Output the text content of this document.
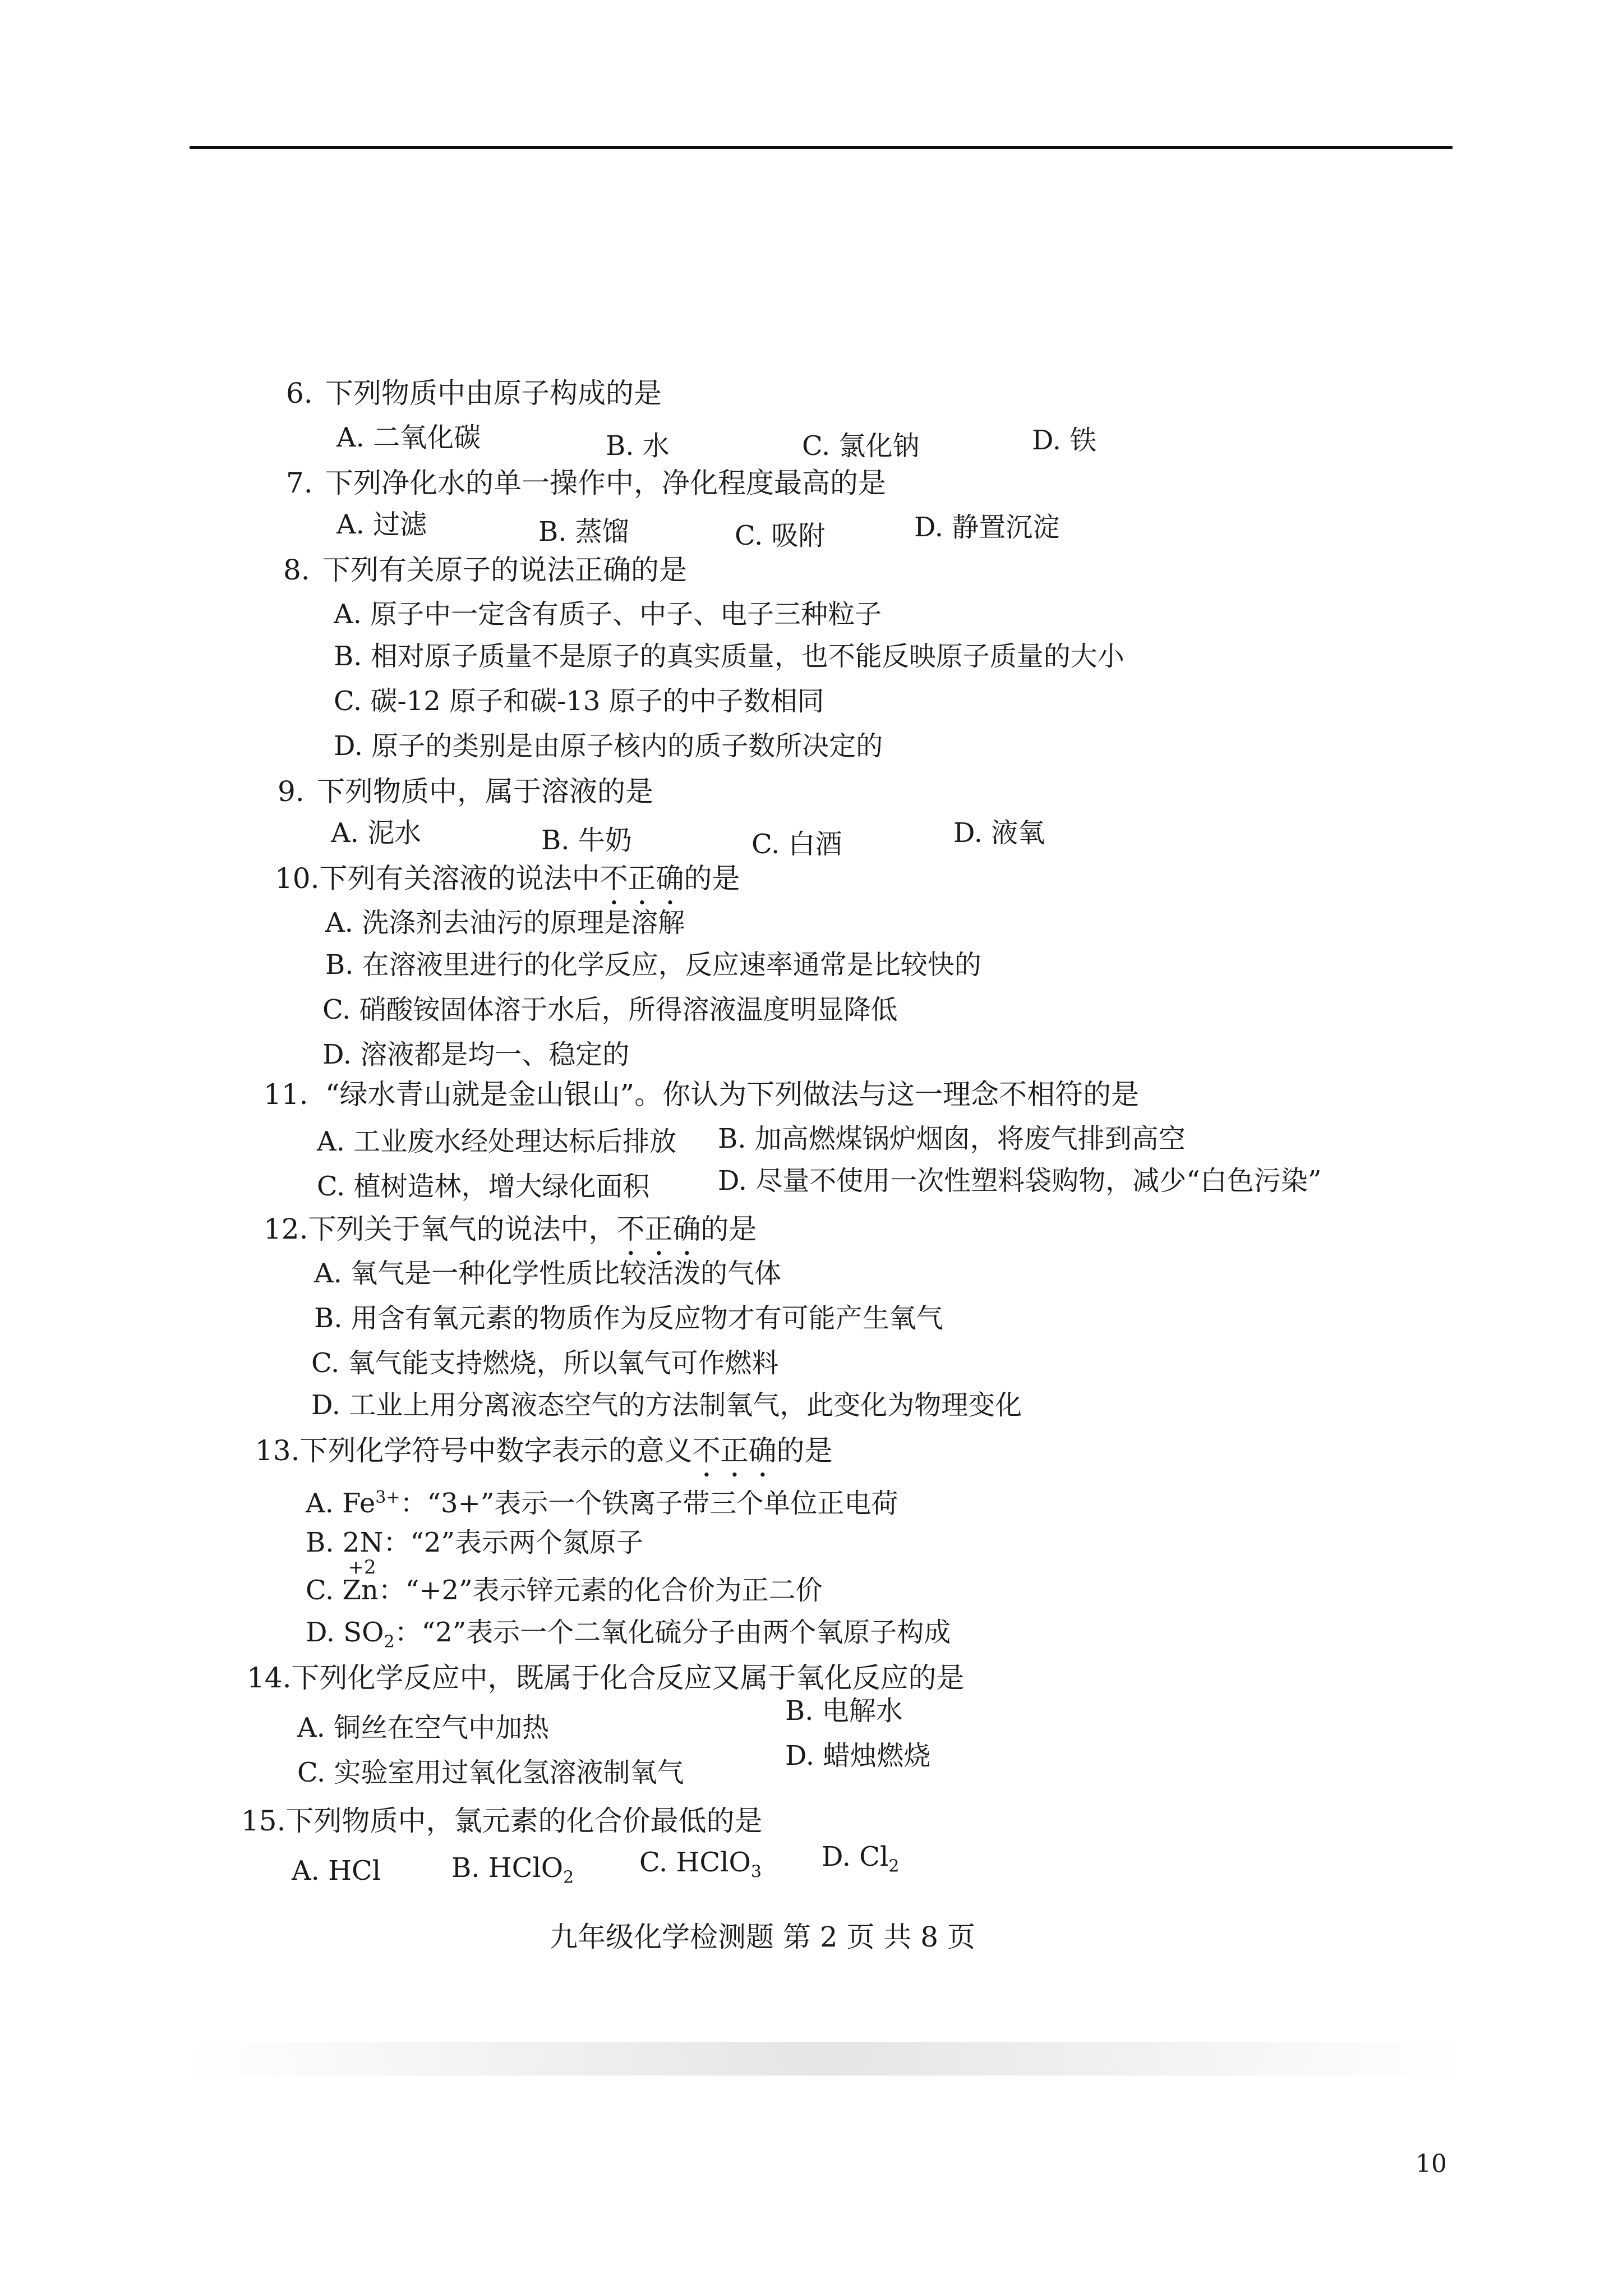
6. 下列物质中由原子构成的是
A. 二氧化碳	B. 水	C. 氯化钠	D. 铁
7. 下列净化水的单一操作中，净化程度最高的是
A. 过滤	B. 蒸馏	C. 吸附	D. 静置沉淀
8. 下列有关原子的说法正确的是
A. 原子中一定含有质子、中子、电子三种粒子
B. 相对原子质量不是原子的真实质量，也不能反映原子质量的大小
C. 碳-12 原子和碳-13 原子的中子数相同
D. 原子的类别是由原子核内的质子数所决定的
9. 下列物质中，属于溶液的是
A. 泥水	B. 牛奶	C. 白酒	D. 液氧
10.下列有关溶液的说法中不正确的是
A. 洗涤剂去油污的原理是溶解
B. 在溶液里进行的化学反应，反应速率通常是比较快的
C. 硝酸铵固体溶于水后，所得溶液温度明显降低
D. 溶液都是均一、稳定的
11. “绿水青山就是金山银山”。你认为下列做法与这一理念不相符的是
A. 工业废水经处理达标后排放 B. 加高燃煤锅炉烟囱，将废气排到高空
C. 植树造林，增大绿化面积	D. 尽量不使用一次性塑料袋购物，减少“白色污染”
12.下列关于氧气的说法中，不正确的是
A. 氧气是一种化学性质比较活泼的气体
B. 用含有氧元素的物质作为反应物才有可能产生氧气
C. 氧气能支持燃烧，所以氧气可作燃料
D. 工业上用分离液态空气的方法制氧气，此变化为物理变化
13.下列化学符号中数字表示的意义不正确的是
A. $Fe^{3+}$：“3+”表示一个铁离子带三个单位正电荷
B. 2N：“2”表示两个氮原子
C.
+2
Zn：“+2”表示锌元素的化合价为正二价
D. $SO_2$：“2”表示一个二氧化硫分子由两个氧原子构成
14.下列化学反应中，既属于化合反应又属于氧化反应的是
A. 铜丝在空气中加热
B. 电解水
C. 实验室用过氧化氢溶液制氧气
D. 蜡烛燃烧
15.下列物质中，氯元素的化合价最低的是
A. HCl	B. HClO$_2$ C. HClO$_3$ D. $Cl_2$
九年级化学检测题 第 2 页 共 8 页
10
